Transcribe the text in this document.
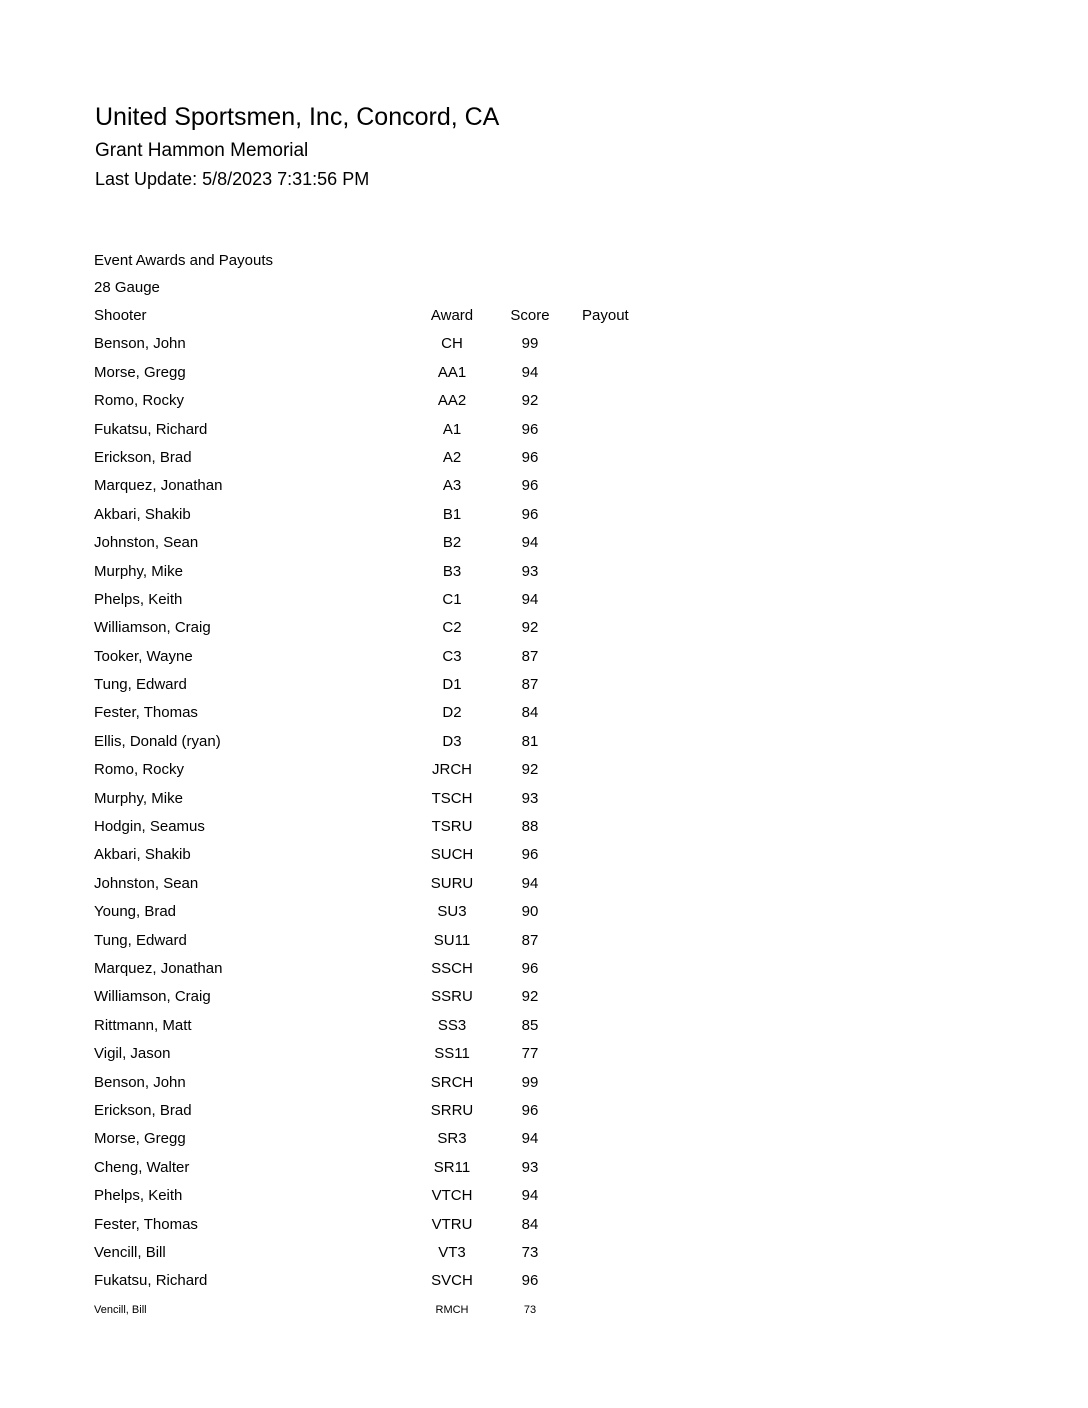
United Sportsmen, Inc, Concord, CA
Grant Hammon Memorial
Last Update: 5/8/2023 7:31:56 PM
Event Awards and Payouts
28 Gauge
Shooter	Award	Score	Payout
Benson, John	CH	99
Morse, Gregg	AA1	94
Romo, Rocky	AA2	92
Fukatsu, Richard	A1	96
Erickson, Brad	A2	96
Marquez, Jonathan	A3	96
Akbari, Shakib	B1	96
Johnston, Sean	B2	94
Murphy, Mike	B3	93
Phelps, Keith	C1	94
Williamson, Craig	C2	92
Tooker, Wayne	C3	87
Tung, Edward	D1	87
Fester, Thomas	D2	84
Ellis, Donald (ryan)	D3	81
Romo, Rocky	JRCH	92
Murphy, Mike	TSCH	93
Hodgin, Seamus	TSRU	88
Akbari, Shakib	SUCH	96
Johnston, Sean	SURU	94
Young, Brad	SU3	90
Tung, Edward	SU11	87
Marquez, Jonathan	SSCH	96
Williamson, Craig	SSRU	92
Rittmann, Matt	SS3	85
Vigil, Jason	SS11	77
Benson, John	SRCH	99
Erickson, Brad	SRRU	96
Morse, Gregg	SR3	94
Cheng, Walter	SR11	93
Phelps, Keith	VTCH	94
Fester, Thomas	VTRU	84
Vencill, Bill	VT3	73
Fukatsu, Richard	SVCH	96
Vencill, Bill	RMCH	73
